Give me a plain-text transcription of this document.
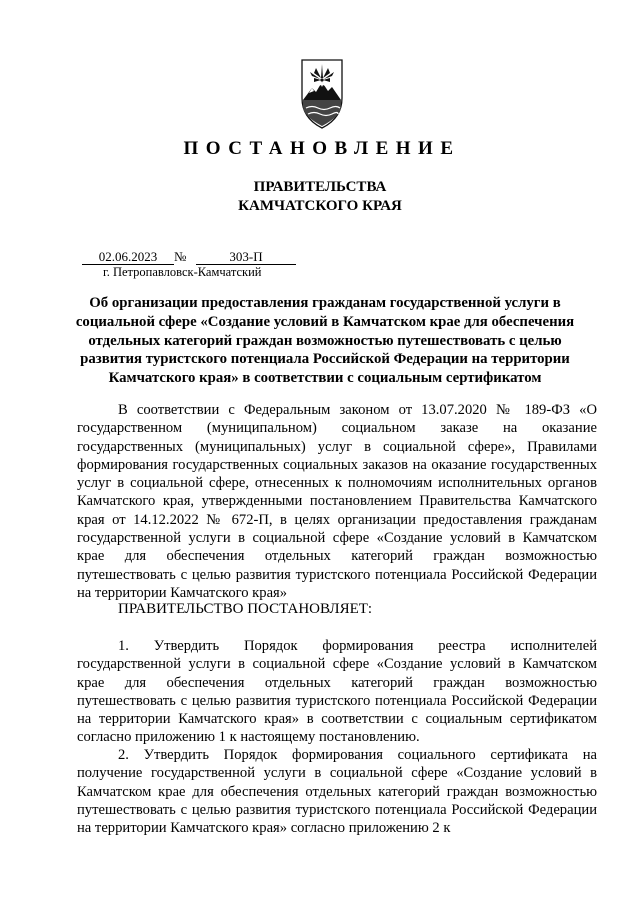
ПОСТАНОВЛЕНИЕ
ПРАВИТЕЛЬСТВА
КАМЧАТСКОГО КРАЯ
02.06.2023	№	303-П
г. Петропавловск-Камчатский
Об организации предоставления гражданам государственной услуги в социальной сфере «Создание условий в Камчатском крае для обеспечения отдельных категорий граждан возможностью путешествовать с целью развития туристского потенциала Российской Федерации на территории Камчатского края» в соответствии с социальным сертификатом
В соответствии с Федеральным законом от 13.07.2020 № 189-ФЗ «О государственном (муниципальном) социальном заказе на оказание государственных (муниципальных) услуг в социальной сфере», Правилами формирования государственных социальных заказов на оказание государственных услуг в социальной сфере, отнесенных к полномочиям исполнительных органов Камчатского края, утвержденными постановлением Правительства Камчатского края от 14.12.2022 № 672-П, в целях организации предоставления гражданам государственной услуги в социальной сфере «Создание условий в Камчатском крае для обеспечения отдельных категорий граждан возможностью путешествовать с целью развития туристского потенциала Российской Федерации на территории Камчатского края»
ПРАВИТЕЛЬСТВО ПОСТАНОВЛЯЕТ:
1. Утвердить Порядок формирования реестра исполнителей государственной услуги в социальной сфере «Создание условий в Камчатском крае для обеспечения отдельных категорий граждан возможностью путешествовать с целью развития туристского потенциала Российской Федерации на территории Камчатского края» в соответствии с социальным сертификатом согласно приложению 1 к настоящему постановлению.
2. Утвердить Порядок формирования социального сертификата на получение государственной услуги в социальной сфере «Создание условий в Камчатском крае для обеспечения отдельных категорий граждан возможностью путешествовать с целью развития туристского потенциала Российской Федерации на территории Камчатского края» согласно приложению 2 к
